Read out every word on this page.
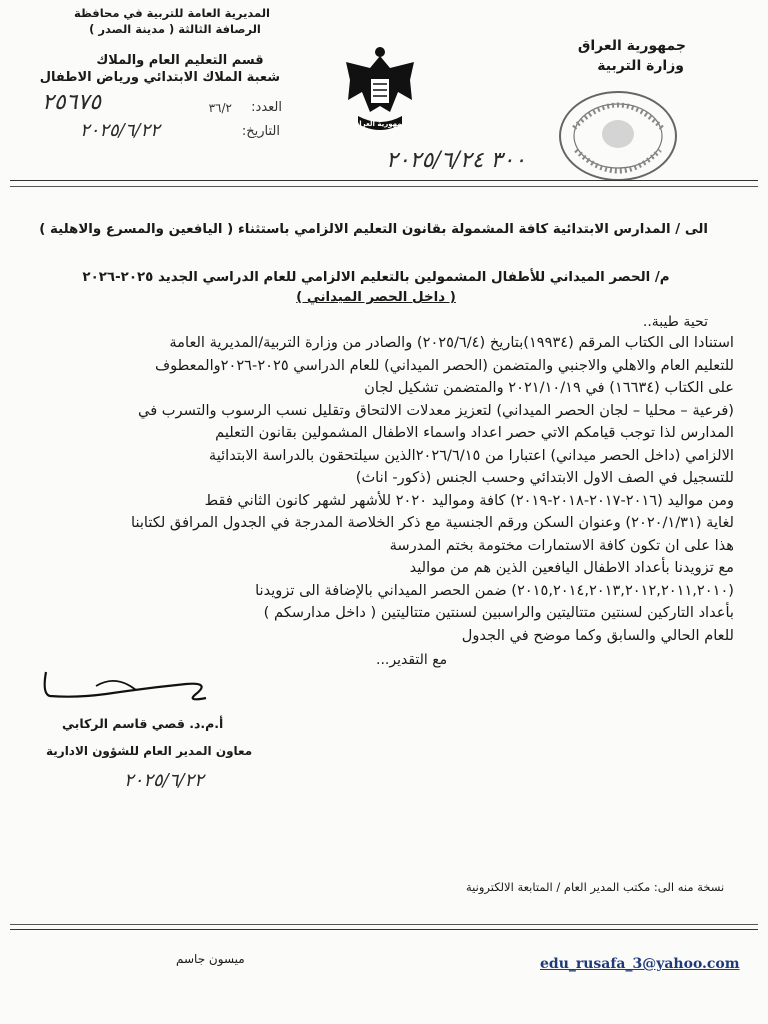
المديرية العامة للتربية في محافظة
الرصافة الثالثة ( مدينة الصدر )
قسم التعليم العام والملاك
شعبة الملاك الابتدائي ورياض الاطفال
العدد:
٣٦/٢
٢٥٦٧٥
التاريخ:
٢٠٢٥/٦/٢٢	جمهورية العراق
جمهورية العراق
وزارة التربية
٣٠٠ ٢٠٢٥/٦/٢٤
الى / المدارس الابتدائية كافة المشمولة بقانون التعليم الالزامي باستثناء ( اليافعين والمسرع والاهلية )
م/ الحصر الميداني للأطفال المشمولين بالتعليم الالزامي للعام الدراسي الجديد ٢٠٢٥-٢٠٢٦
( داخل الحصر الميداني )
تحية طيبة..
استنادا الى الكتاب المرقم (١٩٩٣٤)بتاريخ (٢٠٢٥/٦/٤) والصادر من وزارة التربية/المديرية العامة
للتعليم العام والاهلي والاجنبي والمتضمن (الحصر الميداني) للعام الدراسي ٢٠٢٥-٢٠٢٦والمعطوف
على الكتاب (١٦٦٣٤) في ٢٠٢١/١٠/١٩ والمتضمن تشكيل لجان
(فرعية – محليا – لجان الحصر الميداني) لتعزيز معدلات الالتحاق وتقليل نسب الرسوب والتسرب في
المدارس لذا توجب قيامكم الاتي حصر اعداد واسماء الاطفال المشمولين بقانون التعليم
الالزامي (داخل الحصر ميداني) اعتبارا من ٢٠٢٦/٦/١٥الذين سيلتحقون بالدراسة الابتدائية
للتسجيل في الصف الاول الابتدائي وحسب الجنس (ذكور- اناث)
ومن مواليد (٢٠١٦-٢٠١٧-٢٠١٨-٢٠١٩) كافة ومواليد ٢٠٢٠ للأشهر لشهر كانون الثاني فقط
لغاية (٢٠٢٠/١/٣١) وعنوان السكن ورقم الجنسية مع ذكر الخلاصة المدرجة في الجدول المرافق لكتابنا
هذا على ان تكون كافة الاستمارات مختومة بختم المدرسة
مع تزويدنا بأعداد الاطفال اليافعين الذين هم من مواليد
(٢٠١٥,٢٠١٤,٢٠١٣,٢٠١٢,٢٠١١,٢٠١٠) ضمن الحصر الميداني بالإضافة الى تزويدنا
بأعداد التاركين لسنتين متتاليتين والراسبين لسنتين متتاليتين ( داخل مدارسكم )
للعام الحالي والسابق وكما موضح في الجدول
مع التقدير...
أ.م.د. قصي قاسم الركابي
معاون المدير العام للشؤون الادارية
٢٠٢٥/٦/٢٢
نسخة منه الى: مكتب المدير العام / المتابعة الالكترونية
ميسون جاسم	edu_rusafa_3@yahoo.com
